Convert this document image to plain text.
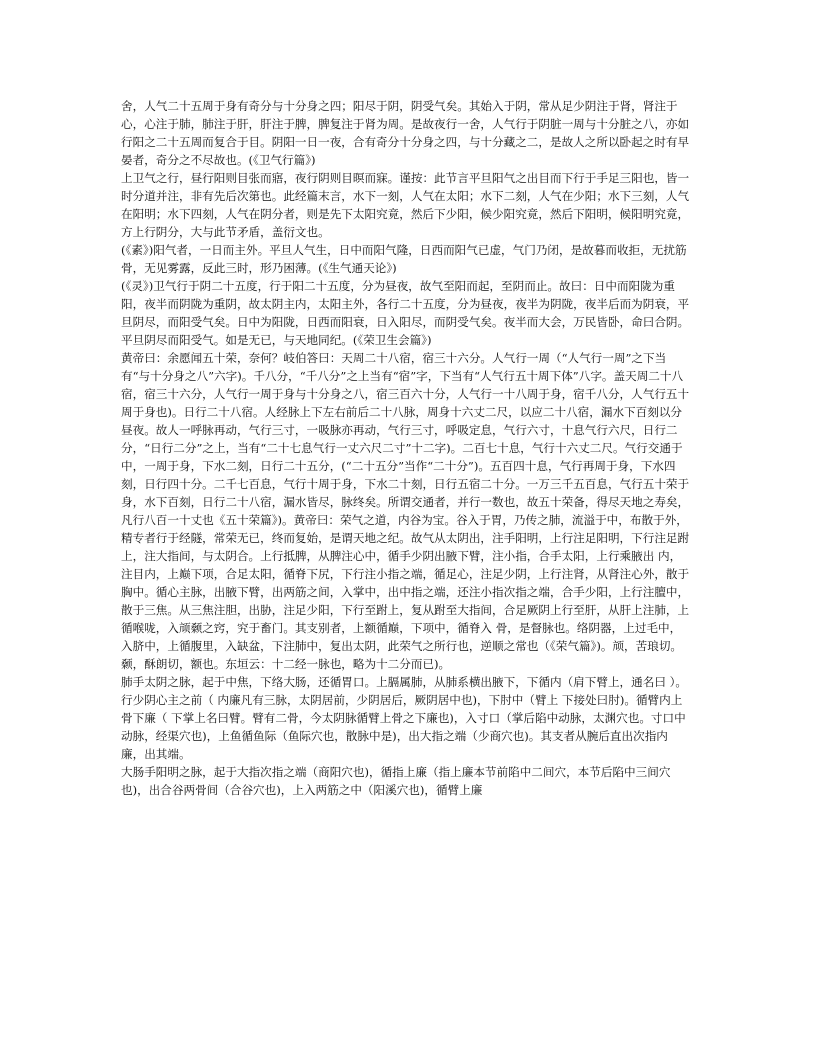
舍，人气二十五周于身有奇分与十分身之四；阳尽于阴，阴受气矣。其始入于阴，常从足少阴注于肾，肾注于心，心注于肺，肺注于肝，肝注于脾，脾复注于肾为周。是故夜行一舍，人气行于阴脏一周与十分脏之八，亦如行阳之二十五周而复合于目。阴阳一日一夜，合有奇分十分身之四，与十分藏之二，是故人之所以卧起之时有早晏者，奇分之不尽故也。(《卫气行篇》)

上卫气之行，昼行阳则目张而寤，夜行阴则目暝而寐。谨按：此节言平旦阳气之出目而下行于手足三阳也，皆一时分道并注，非有先后次第也。此经篇末言，水下一刻，人气在太阳；水下二刻，人气在少阳；水下三刻，人气在阳明；水下四刻，人气在阴分者，则是先下太阳究竟，然后下少阳，候少阳究竟，然后下阳明，候阳明究竟，方上行阴分，大与此节矛盾，盖衍文也。

(《素》)阳气者，一日而主外。平旦人气生，日中而阳气隆，日西而阳气已虚，气门乃闭，是故暮而收拒，无扰筋骨，无见雾露，反此三时，形乃困薄。(《生气通天论》)

(《灵》)卫气行于阴二十五度，行于阳二十五度，分为昼夜，故气至阳而起，至阴而止。故曰：日中而阳陇为重阳，夜半而阴陇为重阴，故太阴主内，太阳主外，各行二十五度，分为昼夜，夜半为阴陇，夜半后而为阴衰，平旦阴尽，而阳受气矣。日中为阳陇，日西而阳衰，日入阳尽，而阴受气矣。夜半而大会，万民皆卧，命曰合阴。平旦阴尽而阳受气。如是无已，与天地同纪。(《荣卫生会篇》)

黄帝曰：余愿闻五十荣，奈何？岐伯答曰：天周二十八宿，宿三十六分。人气行一周（“人气行一周”之下当有“与十分身之八”六字)。千八分，“千八分”之上当有“宿”字，下当有“人气行五十周下体”八字。盖天周二十八宿，宿三十六分，人气行一周于身与十分身之八，宿三百六十分，人气行一十八周于身，宿千八分，人气行五十周于身也)。日行二十八宿。人经脉上下左右前后二十八脉，周身十六丈二尺，以应二十八宿，漏水下百刻以分昼夜。故人一呼脉再动，气行三寸，一吸脉亦再动，气行三寸，呼吸定息，气行六寸，十息气行六尺，日行二分，“日行二分”之上，当有“二十七息气行一丈六尺二寸”十二字)。二百七十息，气行十六丈二尺。气行交通于中，一周于身，下水二刻，日行二十五分，(“二十五分”当作“二十分”)。五百四十息，气行再周于身，下水四刻，日行四十分。二千七百息，气行十周于身，下水二十刻，日行五宿二十分。一万三千五百息，气行五十荣于身，水下百刻，日行二十八宿，漏水皆尽，脉终矣。所谓交通者，并行一数也，故五十荣备，得尽天地之寿矣，凡行八百一十丈也《五十荣篇》)。黄帝曰：荣气之道，内谷为宝。谷入于胃，乃传之肺，流溢于中，布散于外，精专者行于经隧，常荣无已，终而复始，是谓天地之纪。故气从太阴出，注手阳明，上行注足阳明，下行注足跗上，注大指间，与太阴合。上行抵脾，从脾注心中，循手少阴出腋下臂，注小指，合手太阳，上行乘腋出 内，注目内，上巅下项，合足太阳，循脊下尻，下行注小指之端，循足心，注足少阴，上行注肾，从肾注心外，散于胸中。循心主脉，出腋下臂，出两筋之间，入掌中，出中指之端，还注小指次指之端，合手少阳，上行注膻中，散于三焦。从三焦注胆，出胁，注足少阳，下行至跗上，复从跗至大指间，合足厥阴上行至肝，从肝上注肺，上循喉咙，入颃颡之窍，究于畜门。其支别者，上额循巅，下项中，循脊入 骨，是督脉也。络阴器，上过毛中，入脐中，上循腹里，入缺盆，下注肺中，复出太阴，此荣气之所行也，逆顺之常也（《荣气篇》)。颃，苦琅切。颡，酥朗切，额也。东垣云：十二经一脉也，略为十二分而已)。

肺手太阴之脉，起于中焦，下络大肠，还循胃口。上膈属肺，从肺系横出腋下，下循内（肩下臂上，通名曰 ）。行少阴心主之前（ 内廉凡有三脉，太阴居前，少阴居后，厥阴居中也)，下肘中（臂上 下接处曰肘)。循臂内上骨下廉（ 下掌上名曰臂。臂有二骨，今太阴脉循臂上骨之下廉也)，入寸口（掌后陷中动脉，太渊穴也。寸口中动脉，经渠穴也)，上鱼循鱼际（鱼际穴也，散脉中是)，出大指之端（少商穴也)。其支者从腕后直出次指内廉，出其端。

大肠手阳明之脉，起于大指次指之端（商阳穴也)，循指上廉（指上廉本节前陷中二间穴，本节后陷中三间穴也)，出合谷两骨间（合谷穴也)，上入两筋之中（阳溪穴也)，循臂上廉
